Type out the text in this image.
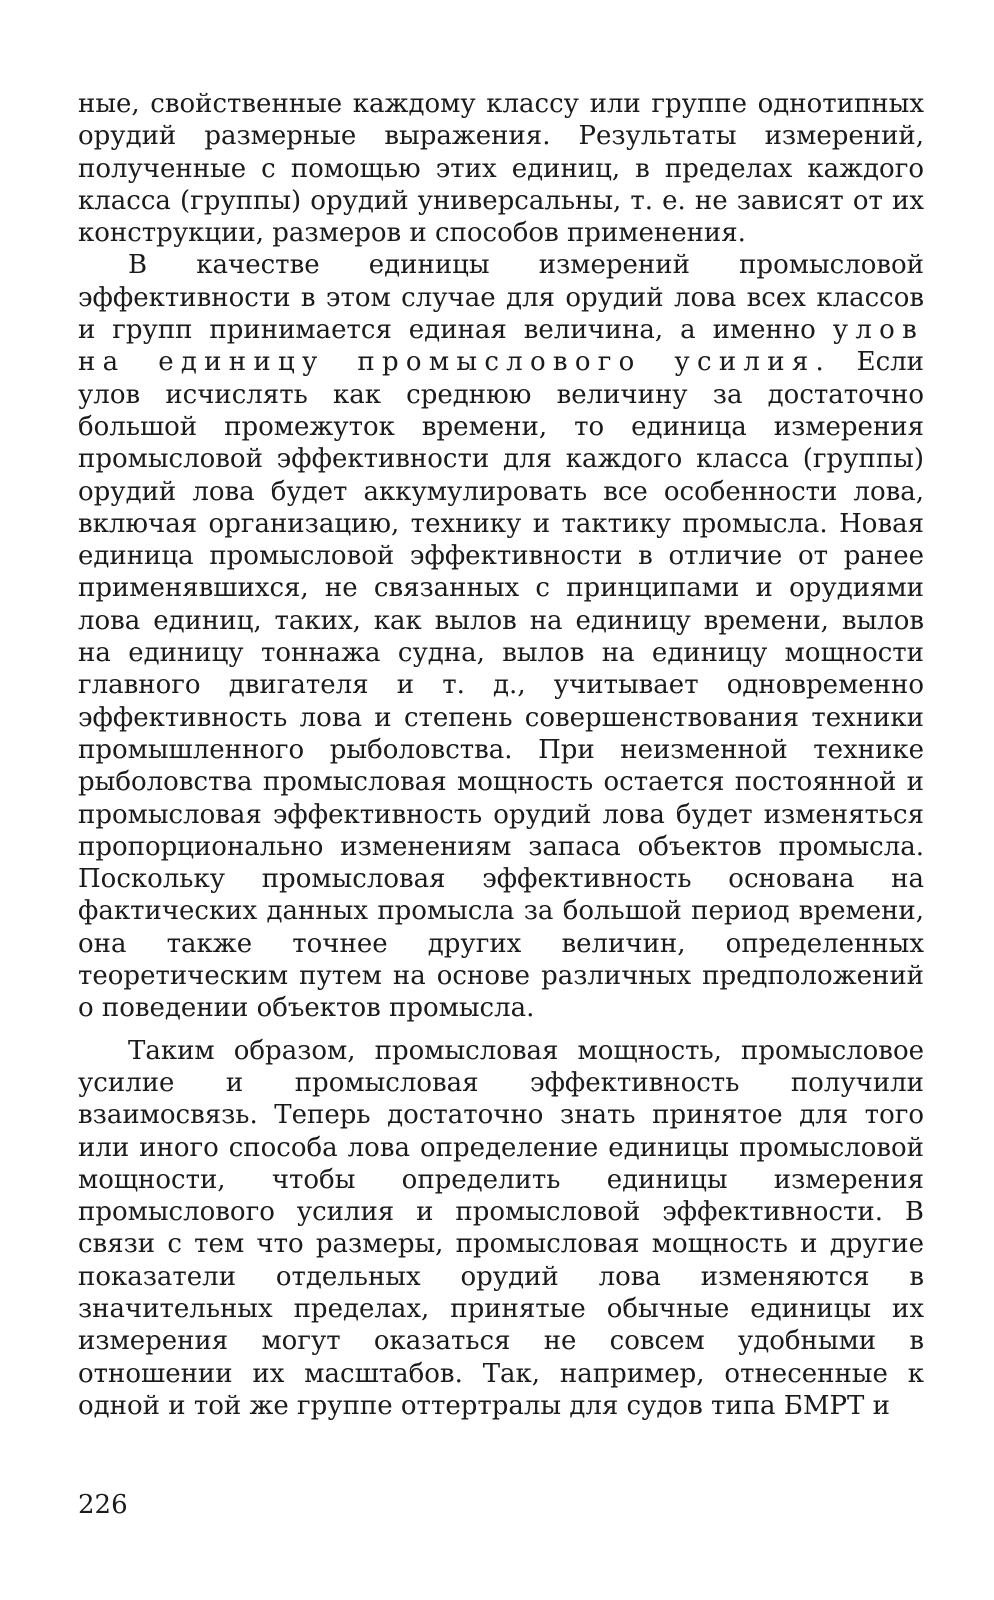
ные, свойственные каждому классу или группе однотипных орудий размерные выражения. Результаты измерений, полученные с помощью этих единиц, в пределах каждого класса (группы) орудий универсальны, т. е. не зависят от их конструкции, размеров и способов применения.

В качестве единицы измерений промысловой эффективности в этом случае для орудий лова всех классов и групп принимается единая величина, а именно улов на единицу промыслового усилия. Если улов исчислять как среднюю величину за достаточно большой промежуток времени, то единица измерения промысловой эффективности для каждого класса (группы) орудий лова будет аккумулировать все особенности лова, включая организацию, технику и тактику промысла. Новая единица промысловой эффективности в отличие от ранее применявшихся, не связанных с принципами и орудиями лова единиц, таких, как вылов на единицу времени, вылов на единицу тоннажа судна, вылов на единицу мощности главного двигателя и т. д., учитывает одновременно эффективность лова и степень совершенствования техники промышленного рыболовства. При неизменной технике рыболовства промысловая мощность остается постоянной и промысловая эффективность орудий лова будет изменяться пропорционально изменениям запаса объектов промысла. Поскольку промысловая эффективность основана на фактических данных промысла за большой период времени, она также точнее других величин, определенных теоретическим путем на основе различных предположений о поведении объектов промысла.

Таким образом, промысловая мощность, промысловое усилие и промысловая эффективность получили взаимосвязь. Теперь достаточно знать принятое для того или иного способа лова определение единицы промысловой мощности, чтобы определить единицы измерения промыслового усилия и промысловой эффективности. В связи с тем что размеры, промысловая мощность и другие показатели отдельных орудий лова изменяются в значительных пределах, принятые обычные единицы их измерения могут оказаться не совсем удобными в отношении их масштабов. Так, например, отнесенные к одной и той же группе оттертралы для судов типа БМРТ и

226
